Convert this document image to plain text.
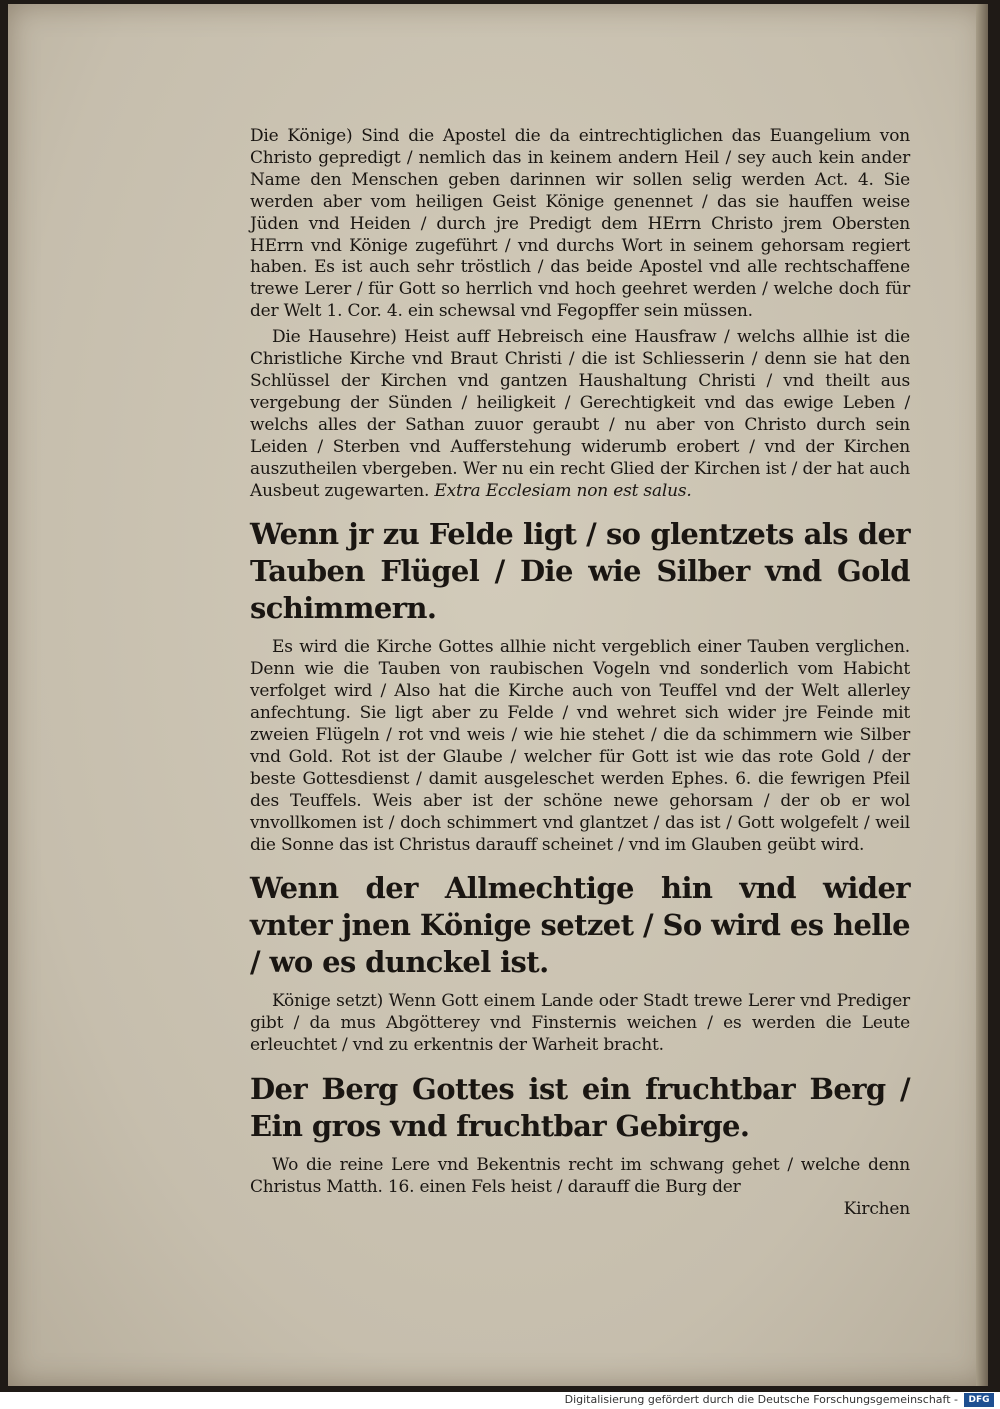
Die Könige) Sind die Apostel die da eintrechtiglichen das Euangelium von Christo gepredigt / nemlich das in keinem andern Heil / sey auch kein ander Name den Menschen geben darinnen wir sollen selig werden Act. 4. Sie werden aber vom heiligen Geist Könige genennet / das sie hauffen weise Jüden vnd Heiden / durch jre Predigt dem HErrn Christo jrem Obersten HErrn vnd Könige zugeführt / vnd durchs Wort in seinem gehorsam regiert haben. Es ist auch sehr tröstlich / das beide Apostel vnd alle rechtschaffene trewe Lerer / für Gott so herrlich vnd hoch geehret werden / welche doch für der Welt 1. Cor. 4. ein schewsal vnd Fegopffer sein müssen.

Die Hausehre) Heist auff Hebreisch eine Hausfraw / welchs allhie ist die Christliche Kirche vnd Braut Christi / die ist Schliesserin / denn sie hat den Schlüssel der Kirchen vnd gantzen Haushaltung Christi / vnd theilt aus vergebung der Sünden / heiligkeit / Gerechtigkeit vnd das ewige Leben / welchs alles der Sathan zuuor geraubt / nu aber von Christo durch sein Leiden / Sterben vnd Aufferstehung widerumb erobert / vnd der Kirchen auszutheilen vbergeben. Wer nu ein recht Glied der Kirchen ist / der hat auch Ausbeut zugewarten. Extra Ecclesiam non est salus.

Wenn jr zu Felde ligt / so glentzets als der Tauben Flügel / Die wie Silber vnd Gold schimmern.

Es wird die Kirche Gottes allhie nicht vergeblich einer Tauben verglichen. Denn wie die Tauben von raubischen Vogeln vnd sonderlich vom Habicht verfolget wird / Also hat die Kirche auch von Teuffel vnd der Welt allerley anfechtung. Sie ligt aber zu Felde / vnd wehret sich wider jre Feinde mit zweien Flügeln / rot vnd weis / wie hie stehet / die da schimmern wie Silber vnd Gold. Rot ist der Glaube / welcher für Gott ist wie das rote Gold / der beste Gottesdienst / damit ausgeleschet werden Ephes. 6. die fewrigen Pfeil des Teuffels. Weis aber ist der schöne newe gehorsam / der ob er wol vnvollkomen ist / doch schimmert vnd glantzet / das ist / Gott wolgefelt / weil die Sonne das ist Christus darauff scheinet / vnd im Glauben geübt wird.

Wenn der Allmechtige hin vnd wider vnter jnen Könige setzet / So wird es helle / wo es dunckel ist.

Könige setzt) Wenn Gott einem Lande oder Stadt trewe Lerer vnd Prediger gibt / da mus Abgötterey vnd Finsternis weichen / es werden die Leute erleuchtet / vnd zu erkentnis der Warheit bracht.

Der Berg Gottes ist ein fruchtbar Berg / Ein gros vnd fruchtbar Gebirge.

Wo die reine Lere vnd Bekentnis recht im schwang gehet / welche denn Christus Matth. 16. einen Fels heist / darauff die Burg der

Kirchen

Digitalisierung gefördert durch die Deutsche Forschungsgemeinschaft -	DFG
